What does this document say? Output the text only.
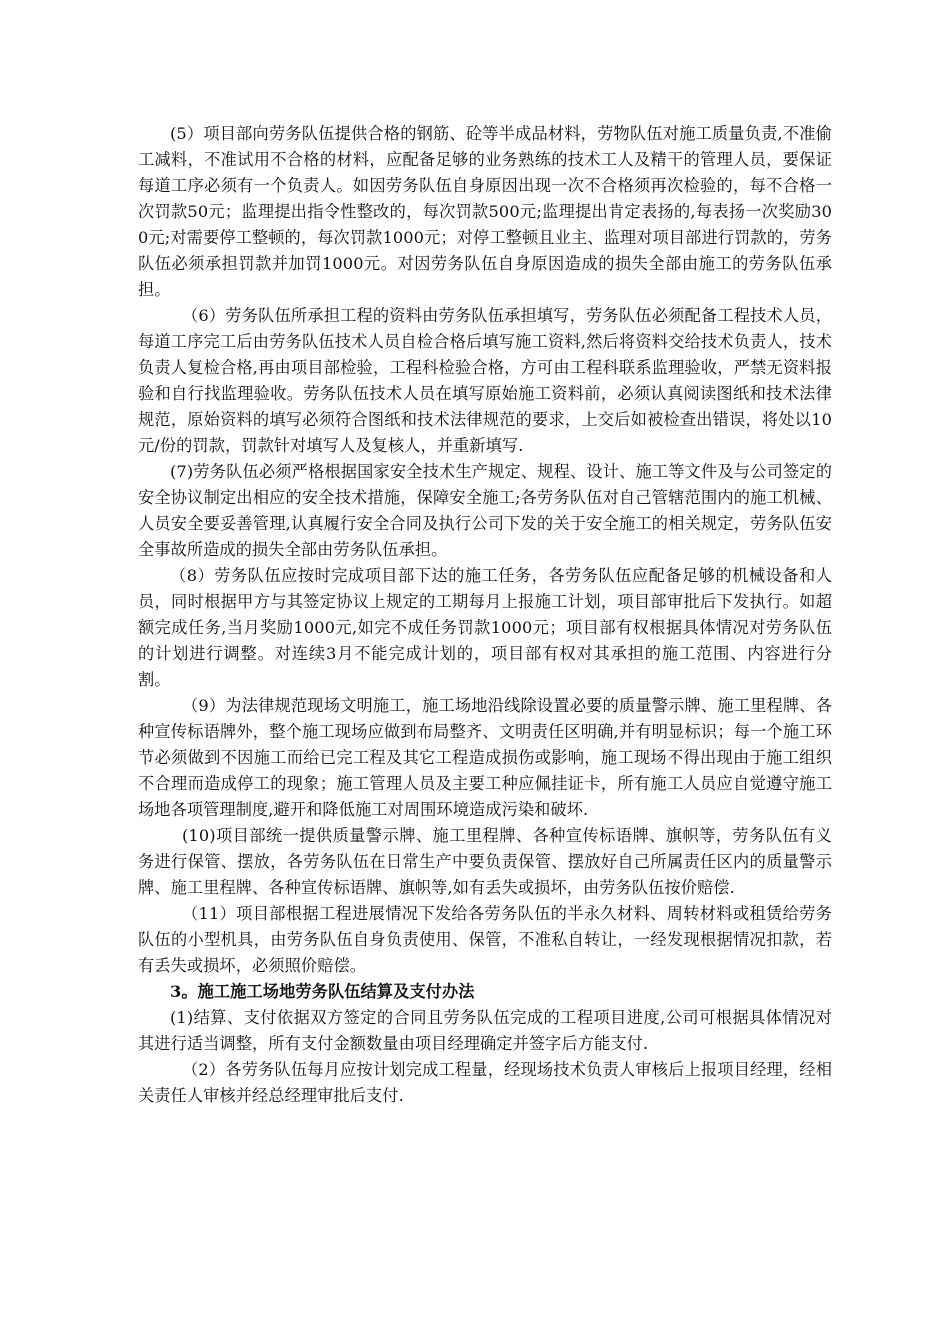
(5）项目部向劳务队伍提供合格的钢筋、砼等半成品材料，劳物队伍对施工质量负责,不准偷工减料，不准试用不合格的材料，应配备足够的业务熟练的技术工人及精干的管理人员，要保证每道工序必须有一个负责人。如因劳务队伍自身原因出现一次不合格须再次检验的，每不合格一次罚款50元；监理提出指令性整改的，每次罚款500元;监理提出肯定表扬的,每表扬一次奖励300元;对需要停工整顿的，每次罚款1000元；对停工整顿且业主、监理对项目部进行罚款的，劳务队伍必须承担罚款并加罚1000元。对因劳务队伍自身原因造成的损失全部由施工的劳务队伍承担。

（6）劳务队伍所承担工程的资料由劳务队伍承担填写，劳务队伍必须配备工程技术人员，每道工序完工后由劳务队伍技术人员自检合格后填写施工资料,然后将资料交给技术负责人，技术负责人复检合格,再由项目部检验，工程科检验合格，方可由工程科联系监理验收，严禁无资料报验和自行找监理验收。劳务队伍技术人员在填写原始施工资料前，必须认真阅读图纸和技术法律规范，原始资料的填写必须符合图纸和技术法律规范的要求，上交后如被检查出错误，将处以10元/份的罚款，罚款针对填写人及复核人，并重新填写.

(7)劳务队伍必须严格根据国家安全技术生产规定、规程、设计、施工等文件及与公司签定的安全协议制定出相应的安全技术措施，保障安全施工;各劳务队伍对自己管辖范围内的施工机械、人员安全要妥善管理,认真履行安全合同及执行公司下发的关于安全施工的相关规定，劳务队伍安全事故所造成的损失全部由劳务队伍承担。

（8）劳务队伍应按时完成项目部下达的施工任务，各劳务队伍应配备足够的机械设备和人员，同时根据甲方与其签定协议上规定的工期每月上报施工计划，项目部审批后下发执行。如超额完成任务,当月奖励1000元,如完不成任务罚款1000元；项目部有权根据具体情况对劳务队伍的计划进行调整。对连续3月不能完成计划的，项目部有权对其承担的施工范围、内容进行分割。

（9）为法律规范现场文明施工，施工场地沿线除设置必要的质量警示牌、施工里程牌、各种宣传标语牌外，整个施工现场应做到布局整齐、文明责任区明确,并有明显标识；每一个施工环节必须做到不因施工而给已完工程及其它工程造成损伤或影响，施工现场不得出现由于施工组织不合理而造成停工的现象；施工管理人员及主要工种应佩挂证卡，所有施工人员应自觉遵守施工场地各项管理制度,避开和降低施工对周围环境造成污染和破坏.

(10)项目部统一提供质量警示牌、施工里程牌、各种宣传标语牌、旗帜等，劳务队伍有义务进行保管、摆放，各劳务队伍在日常生产中要负责保管、摆放好自己所属责任区内的质量警示牌、施工里程牌、各种宣传标语牌、旗帜等,如有丢失或损坏，由劳务队伍按价赔偿.

（11）项目部根据工程进展情况下发给各劳务队伍的半永久材料、周转材料或租赁给劳务队伍的小型机具，由劳务队伍自身负责使用、保管，不准私自转让，一经发现根据情况扣款，若有丢失或损坏，必须照价赔偿。

3。施工施工场地劳务队伍结算及支付办法

(1)结算、支付依据双方签定的合同且劳务队伍完成的工程项目进度,公司可根据具体情况对其进行适当调整，所有支付金额数量由项目经理确定并签字后方能支付.

（2）各劳务队伍每月应按计划完成工程量，经现场技术负责人审核后上报项目经理，经相关责任人审核并经总经理审批后支付.
